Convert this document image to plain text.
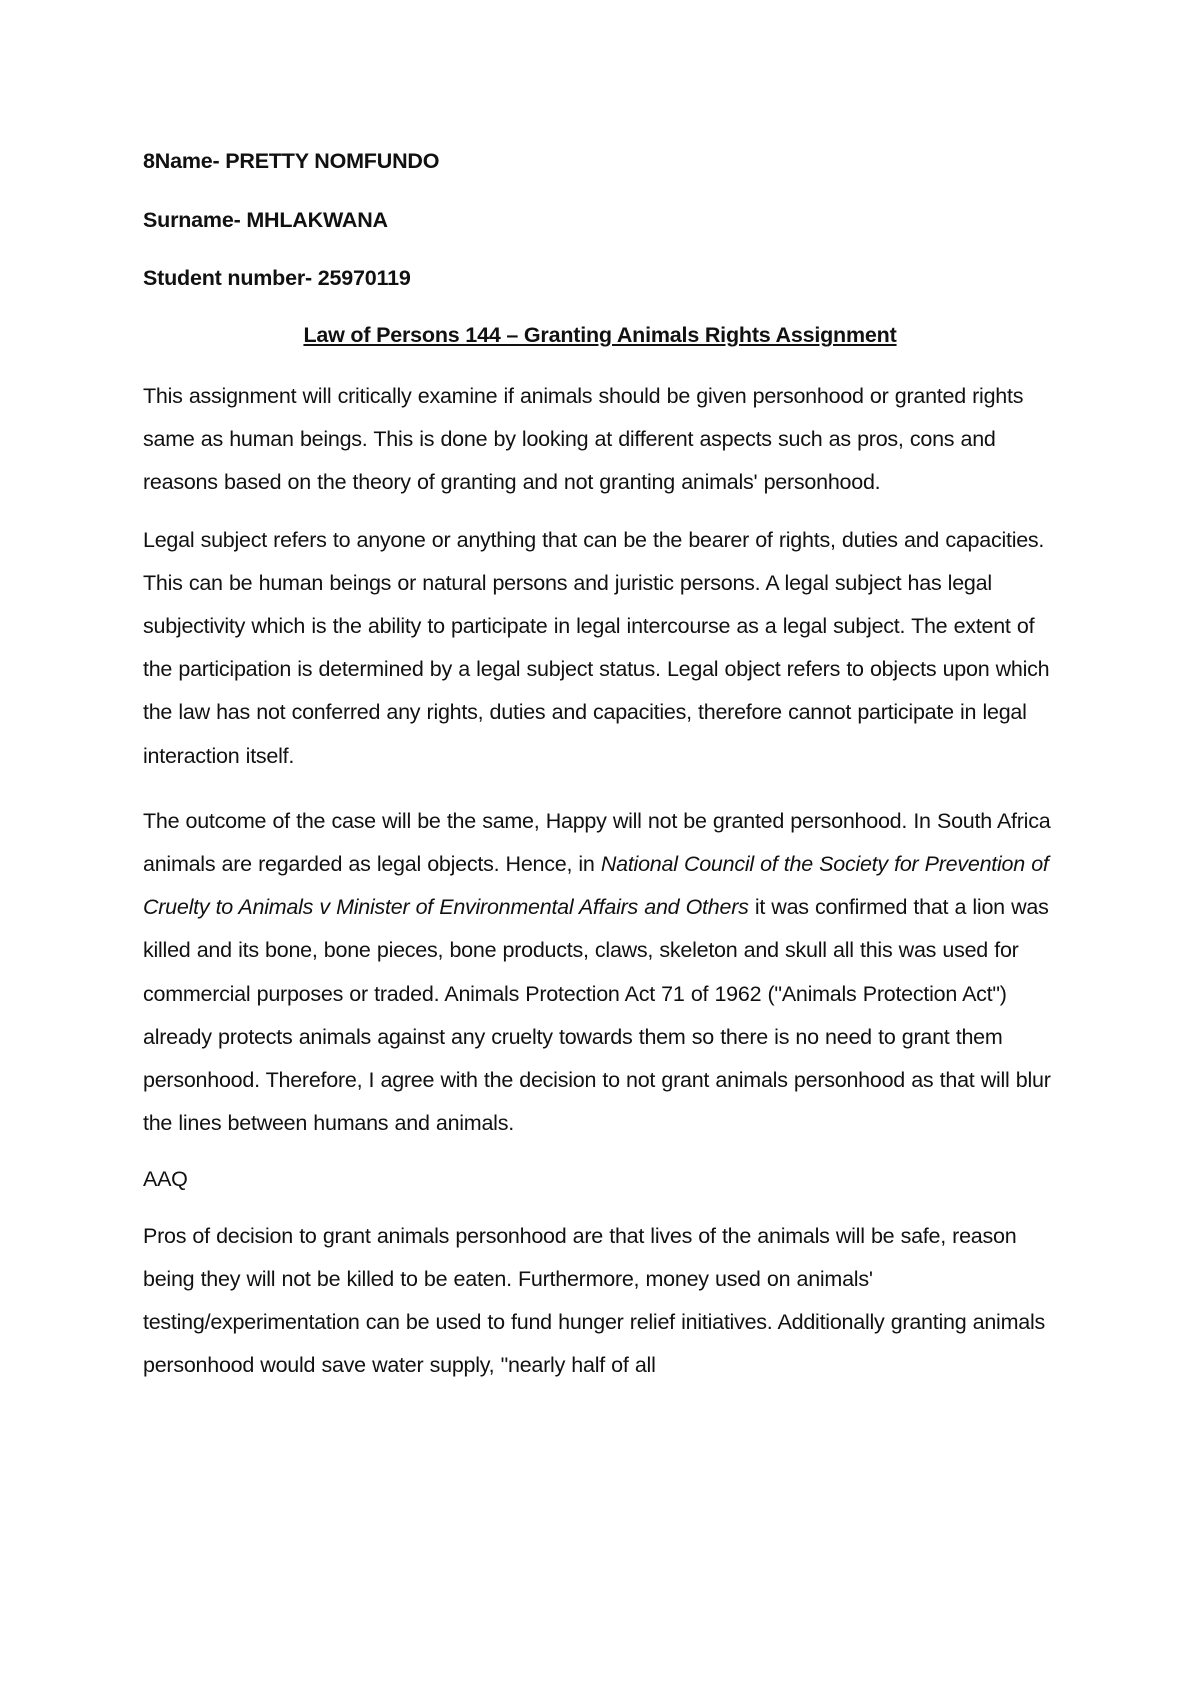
8Name- PRETTY NOMFUNDO

Surname- MHLAKWANA

Student number- 25970119

Law of Persons 144 – Granting Animals Rights Assignment

This assignment will critically examine if animals should be given personhood or granted rights same as human beings. This is done by looking at different aspects such as pros, cons and reasons based on the theory of granting and not granting animals' personhood.

Legal subject refers to anyone or anything that can be the bearer of rights, duties and capacities. This can be human beings or natural persons and juristic persons. A legal subject has legal subjectivity which is the ability to participate in legal intercourse as a legal subject. The extent of the participation is determined by a legal subject status. Legal object refers to objects upon which the law has not conferred any rights, duties and capacities, therefore cannot participate in legal interaction itself.

The outcome of the case will be the same, Happy will not be granted personhood. In South Africa animals are regarded as legal objects. Hence, in National Council of the Society for Prevention of Cruelty to Animals v Minister of Environmental Affairs and Others it was confirmed that a lion was killed and its bone, bone pieces, bone products, claws, skeleton and skull all this was used for commercial purposes or traded. Animals Protection Act 71 of 1962 ("Animals Protection Act") already protects animals against any cruelty towards them so there is no need to grant them personhood. Therefore, I agree with the decision to not grant animals personhood as that will blur the lines between humans and animals.

AAQ

Pros of decision to grant animals personhood are that lives of the animals will be safe, reason being they will not be killed to be eaten. Furthermore, money used on animals' testing/experimentation can be used to fund hunger relief initiatives. Additionally granting animals personhood would save water supply, "nearly half of all
